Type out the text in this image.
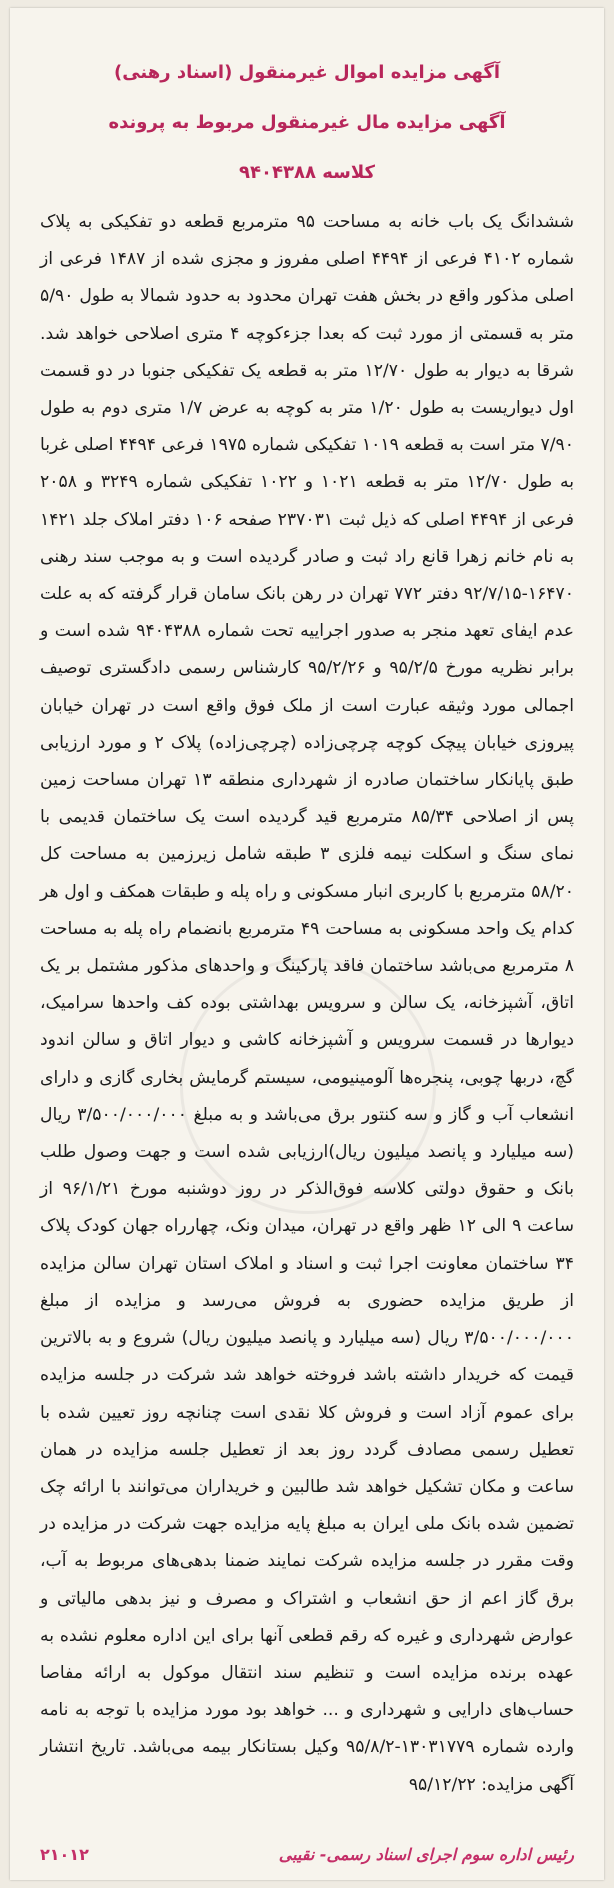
آگهی مزایده اموال غیرمنقول (اسناد رهنی)
آگهی مزایده مال غیرمنقول مربوط به پرونده
کلاسه ۹۴۰۴۳۸۸
ششدانگ یک باب خانه به مساحت ۹۵ مترمربع قطعه دو تفکیکی به پلاک شماره ۴۱۰۲ فرعی از ۴۴۹۴ اصلی مفروز و مجزی شده از ۱۴۸۷ فرعی از اصلی مذکور واقع در بخش هفت تهران محدود به حدود شمالا به طول ۵/۹۰ متر به قسمتی از مورد ثبت که بعدا جزءکوچه ۴ متری اصلاحی خواهد شد. شرقا به دیوار به طول ۱۲/۷۰ متر به قطعه یک تفکیکی جنوبا در دو قسمت اول دیواریست به طول ۱/۲۰ متر به کوچه به عرض ۱/۷ متری دوم به طول ۷/۹۰ متر است به قطعه ۱۰۱۹ تفکیکی شماره ۱۹۷۵ فرعی ۴۴۹۴ اصلی غربا به طول ۱۲/۷۰ متر به قطعه ۱۰۲۱ و ۱۰۲۲ تفکیکی شماره ۳۲۴۹ و ۲۰۵۸ فرعی از ۴۴۹۴ اصلی که ذیل ثبت ۲۳۷۰۳۱ صفحه ۱۰۶ دفتر املاک جلد ۱۴۲۱ به نام خانم زهرا قانع راد ثبت و صادر گردیده است و به موجب سند رهنی ۱۶۴۷۰-۹۲/۷/۱۵ دفتر ۷۷۲ تهران در رهن بانک سامان قرار گرفته که به علت عدم ایفای تعهد منجر به صدور اجراییه تحت شماره ۹۴۰۴۳۸۸ شده است و برابر نظریه مورخ ۹۵/۲/۵ و ۹۵/۲/۲۶ کارشناس رسمی دادگستری توصیف اجمالی مورد وثیقه عبارت است از ملک فوق واقع است در تهران خیابان پیروزی خیابان پیچک کوچه چرچی‌زاده (چرچی‌زاده) پلاک ۲ و مورد ارزیابی طبق پایانکار ساختمان صادره از شهرداری منطقه ۱۳ تهران مساحت زمین پس از اصلاحی ۸۵/۳۴ مترمربع قید گردیده است یک ساختمان قدیمی با نمای سنگ و اسکلت نیمه فلزی ۳ طبقه شامل زیرزمین به مساحت کل ۵۸/۲۰ مترمربع با کاربری انبار مسکونی و راه پله و طبقات همکف و اول هر کدام یک واحد مسکونی به مساحت ۴۹ مترمربع بانضمام راه پله به مساحت ۸ مترمربع می‌باشد ساختمان فاقد پارکینگ و واحدهای مذکور مشتمل بر یک اتاق، آشپزخانه، یک سالن و سرویس بهداشتی بوده کف واحدها سرامیک، دیوارها در قسمت سرویس و آشپزخانه کاشی و دیوار اتاق و سالن اندود گچ، دربها چوبی، پنجره‌ها آلومینیومی، سیستم گرمایش بخاری گازی و دارای انشعاب آب و گاز و سه کنتور برق می‌باشد و به مبلغ ۳/۵۰۰/۰۰۰/۰۰۰ ریال (سه میلیارد و پانصد میلیون ریال)ارزیابی شده است و جهت وصول طلب بانک و حقوق دولتی کلاسه فوق‌الذکر در روز دوشنبه مورخ ۹۶/۱/۲۱ از ساعت ۹ الی ۱۲ ظهر واقع در تهران، میدان ونک، چهارراه جهان کودک پلاک ۳۴ ساختمان معاونت اجرا ثبت و اسناد و املاک استان تهران سالن مزایده از طریق مزایده حضوری به فروش می‌رسد و مزایده از مبلغ ۳/۵۰۰/۰۰۰/۰۰۰ ریال (سه میلیارد و پانصد میلیون ریال) شروع و به بالاترین قیمت که خریدار داشته باشد فروخته خواهد شد شرکت در جلسه مزایده برای عموم آزاد است و فروش کلا نقدی است چنانچه روز تعیین شده با تعطیل رسمی مصادف گردد روز بعد از تعطیل جلسه مزایده در همان ساعت و مکان تشکیل خواهد شد طالبین و خریداران می‌توانند با ارائه چک تضمین شده بانک ملی ایران به مبلغ پایه مزایده جهت شرکت در مزایده در وقت مقرر در جلسه مزایده شرکت نمایند ضمنا بدهی‌های مربوط به آب، برق گاز اعم از حق انشعاب و اشتراک و مصرف و نیز بدهی مالیاتی و عوارض شهرداری و غیره که رقم قطعی آنها برای این اداره معلوم نشده به عهده برنده مزایده است و تنظیم سند انتقال موکول به ارائه مفاصا حساب‌های دارایی و شهرداری و ... خواهد بود مورد مزایده با توجه به نامه وارده شماره ۱۳۰۳۱۷۷۹-۹۵/۸/۲ وکیل بستانکار بیمه می‌باشد. تاریخ انتشار آگهی مزایده: ۹۵/۱۲/۲۲
رئیس اداره سوم اجرای اسناد رسمی- نقیبی
۲۱۰۱۲
